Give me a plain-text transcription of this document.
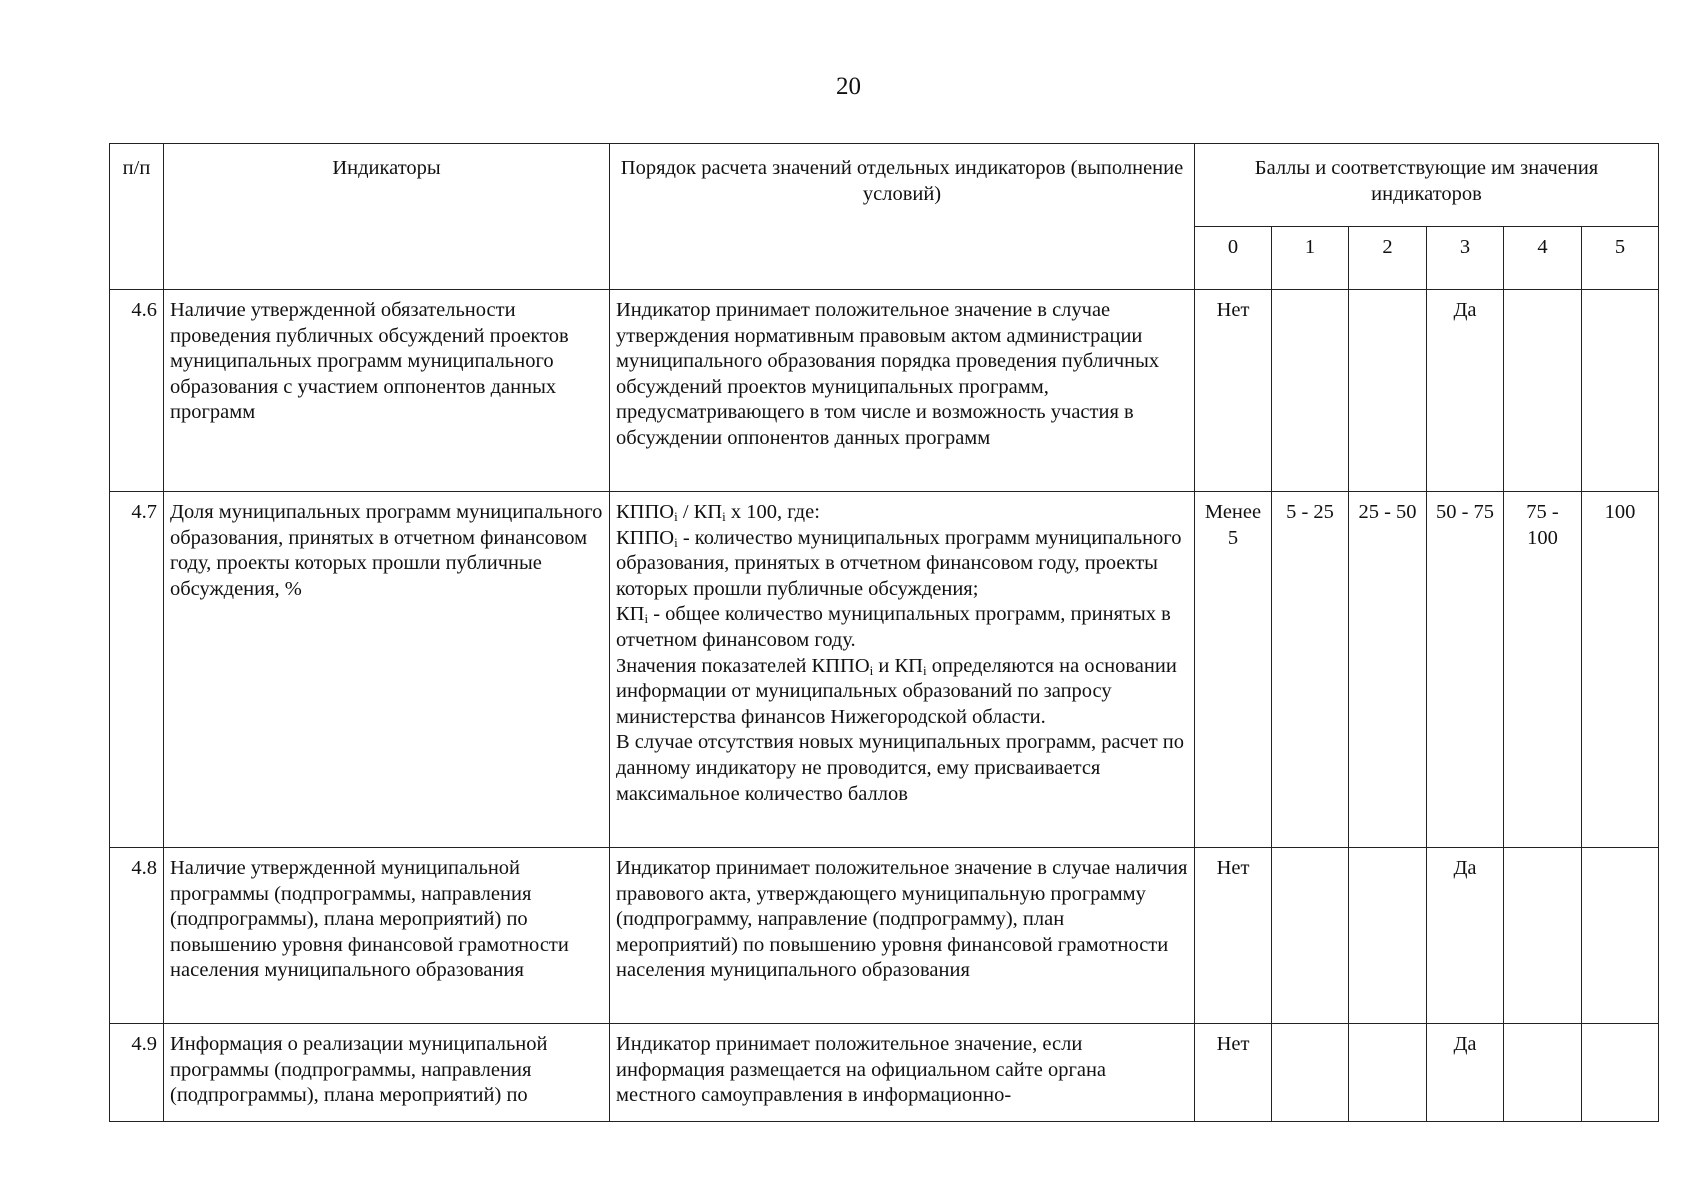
20
п/п	Индикаторы	Порядок расчета значений отдельных индикаторов (выполнение условий)	Баллы и соответствующие им значения индикаторов					
			0	1	2	3	4	5
4.6	Наличие утвержденной обязательности проведения публичных обсуждений проектов муниципальных программ муниципального образования с участием оппонентов данных программ	Индикатор принимает положительное значение в случае утверждения нормативным правовым актом администрации муниципального образования порядка проведения публичных обсуждений проектов муниципальных программ, предусматривающего в том числе и возможность участия в обсуждении оппонентов данных программ	Нет			Да		
4.7	Доля муниципальных программ муниципального образования, принятых в отчетном финансовом году, проекты которых прошли публичные обсуждения, %	$КППО_i / КП_i$ х 100, где:
$КППО_i$ - количество муниципальных программ муниципального образования, принятых в отчетном финансовом году, проекты которых прошли публичные обсуждения;
$КП_i$ - общее количество муниципальных программ, принятых в отчетном финансовом году.
Значения показателей $КППО_i$ и $КП_i$ определяются на основании информации от муниципальных образований по запросу министерства финансов Нижегородской области.
В случае отсутствия новых муниципальных программ, расчет по данному индикатору не проводится, ему присваивается максимальное количество баллов	Менее 5	5 - 25	25 - 50	50 - 75	75 - 100	100
4.8	Наличие утвержденной муниципальной программы (подпрограммы, направления (подпрограммы), плана мероприятий) по повышению уровня финансовой грамотности населения муниципального образования	Индикатор принимает положительное значение в случае наличия правового акта, утверждающего муниципальную программу (подпрограмму, направление (подпрограмму), план мероприятий) по повышению уровня финансовой грамотности населения муниципального образования	Нет			Да		
4.9	Информация о реализации муниципальной программы (подпрограммы, направления (подпрограммы), плана мероприятий) по	Индикатор принимает положительное значение, если информация размещается на официальном сайте органа местного самоуправления в информационно-	Нет			Да		
